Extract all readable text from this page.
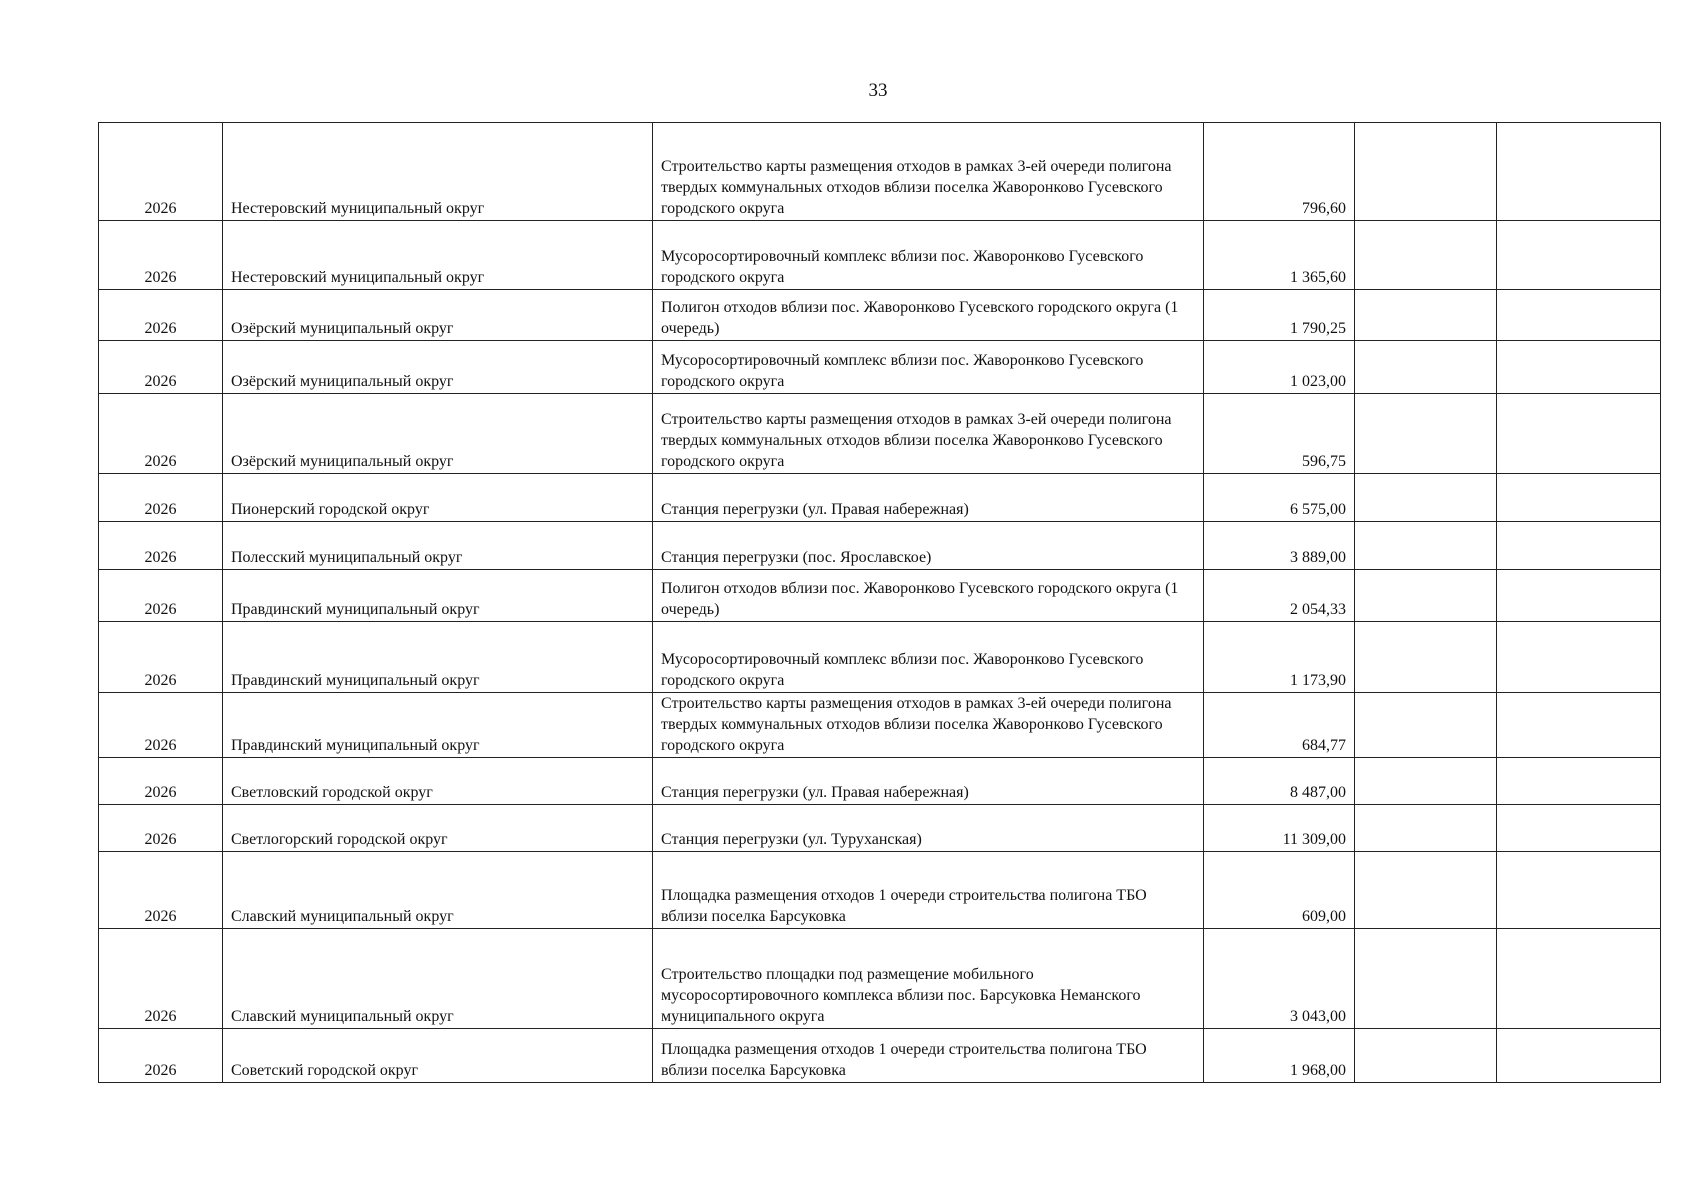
33
2026	Нестеровский муниципальный округ	Строительство карты размещения отходов в рамках 3-ей очереди полигона твердых коммунальных отходов вблизи поселка Жаворонково Гусевского городского округа	796,60		
2026	Нестеровский муниципальный округ	Мусоросортировочный комплекс вблизи пос. Жаворонково Гусевского городского округа	1 365,60		
2026	Озёрский муниципальный округ	Полигон отходов вблизи пос. Жаворонково Гусевского городского округа (1 очередь)	1 790,25		
2026	Озёрский муниципальный округ	Мусоросортировочный комплекс вблизи пос. Жаворонково Гусевского городского округа	1 023,00		
2026	Озёрский муниципальный округ	Строительство карты размещения отходов в рамках 3-ей очереди полигона твердых коммунальных отходов вблизи поселка Жаворонково Гусевского городского округа	596,75		
2026	Пионерский городской округ	Станция перегрузки (ул. Правая набережная)	6 575,00		
2026	Полесский муниципальный округ	Станция перегрузки (пос. Ярославское)	3 889,00		
2026	Правдинский муниципальный округ	Полигон отходов вблизи пос. Жаворонково Гусевского городского округа (1 очередь)	2 054,33		
2026	Правдинский муниципальный округ	Мусоросортировочный комплекс вблизи пос. Жаворонково Гусевского городского округа	1 173,90		
2026	Правдинский муниципальный округ	Строительство карты размещения отходов в рамках 3-ей очереди полигона твердых коммунальных отходов вблизи поселка Жаворонково Гусевского городского округа	684,77		
2026	Светловский городской округ	Станция перегрузки (ул. Правая набережная)	8 487,00		
2026	Светлогорский городской округ	Станция перегрузки (ул. Туруханская)	11 309,00		
2026	Славский муниципальный округ	Площадка размещения отходов 1 очереди строительства полигона ТБО вблизи поселка Барсуковка	609,00		
2026	Славский муниципальный округ	Строительство площадки под размещение мобильного мусоросортировочного комплекса вблизи пос. Барсуковка Неманского муниципального округа	3 043,00		
2026	Советский городской округ	Площадка размещения отходов 1 очереди строительства полигона ТБО вблизи поселка Барсуковка	1 968,00		
